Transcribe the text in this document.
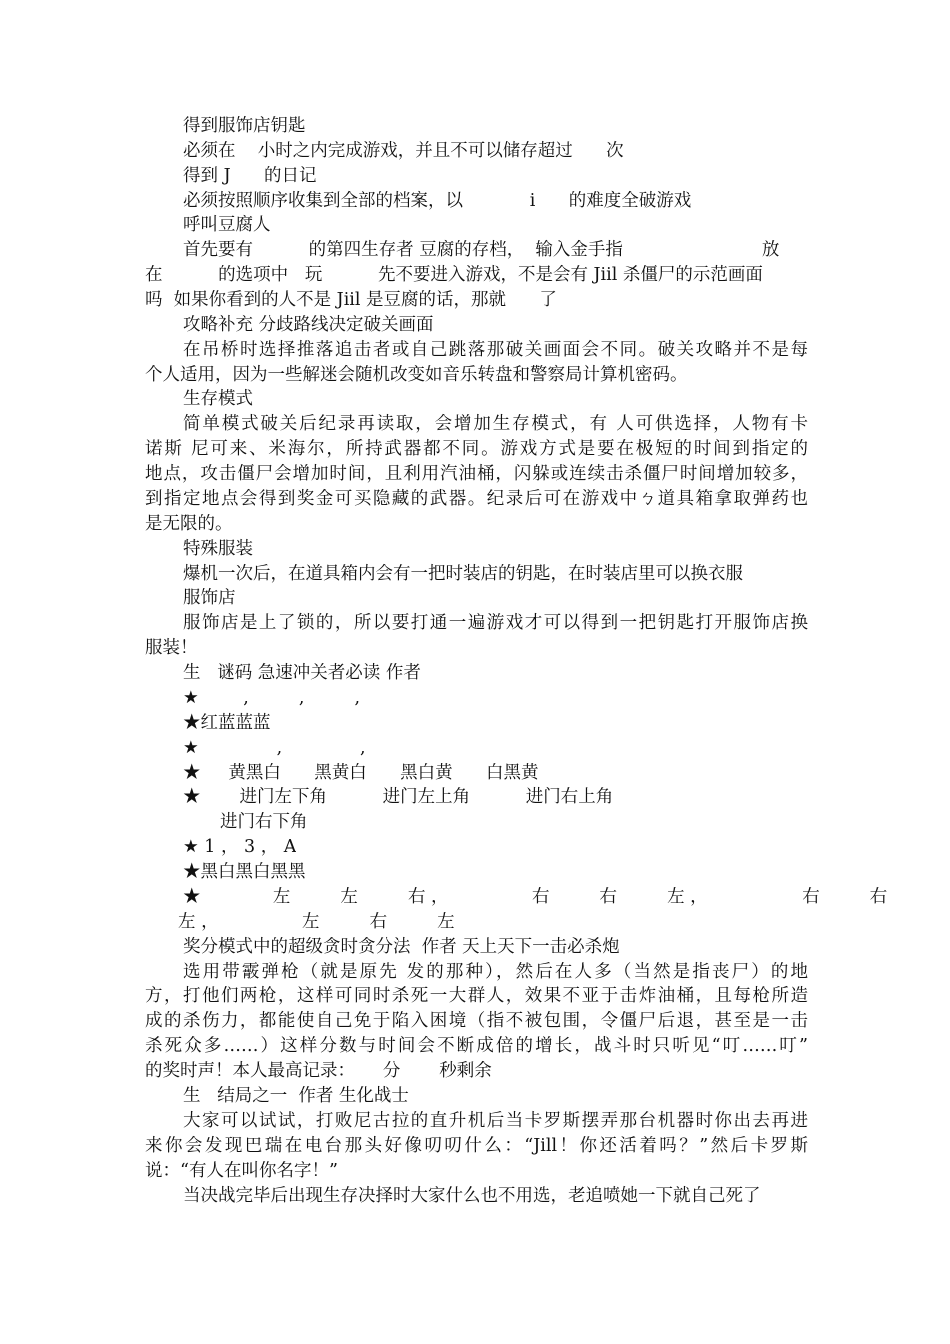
得到服饰店钥匙
必须在    小时之内完成游戏，并且不可以储存超过      次
得到 J      的日记
必须按照顺序收集到全部的档案，以            i      的难度全破游戏
呼叫豆腐人
首先要有          的第四生存者 豆腐的存档，  输入金手指                         放
在          的选项中   玩          先不要进入游戏，不是会有 Jiil 杀僵尸的示范画面
吗  如果你看到的人不是 Jiil 是豆腐的话，那就      了
攻略补充 分歧路线决定破关画面
在吊桥时选择推落追击者或自己跳落那破关画面会不同。破关攻略并不是每
个人适用，因为一些解迷会随机改变如音乐转盘和警察局计算机密码。
生存模式
简单模式破关后纪录再读取，会增加生存模式，有 人可供选择，人物有卡
诺斯 尼可来、米海尔，所持武器都不同。游戏方式是要在极短的时间到指定的
地点，攻击僵尸会增加时间，且利用汽油桶，闪躲或连续击杀僵尸时间增加较多，
到指定地点会得到奖金可买隐藏的武器。纪录后可在游戏中ㄅ道具箱拿取弹药也
是无限的。
特殊服装
爆机一次后，在道具箱内会有一把时装店的钥匙，在时装店里可以换衣服
服饰店
服饰店是上了锁的，所以要打通一遍游戏才可以得到一把钥匙打开服饰店换
服装！
生   谜码 急速冲关者必读 作者
★        ,         ,         ,
★红蓝蓝蓝
★              ,              ,
★     黄黑白      黑黄白      黑白黄      白黑黄
★       进门左下角          进门左上角          进门右上角
进门右下角
★ 1 ， 3 ， A
★黑白黑白黑黑
★             左         左         右 ，               右         右         左 ，                 右         右
左 ，               左         右         左
奖分模式中的超级贪时贪分法  作者 天上天下一击必杀炮
选用带霰弹枪（就是原先 发的那种），然后在人多（当然是指丧尸）的地
方，打他们两枪，这样可同时杀死一大群人，效果不亚于击炸油桶，且每枪所造
成的杀伤力，都能使自己免于陷入困境（指不被包围，令僵尸后退，甚至是一击
杀死众多……）这样分数与时间会不断成倍的增长，战斗时只听见“叮……叮”
的奖时声！本人最高记录：     分       秒剩余
生   结局之一  作者 生化战士
大家可以试试，打败尼古拉的直升机后当卡罗斯摆弄那台机器时你出去再进
来你会发现巴瑞在电台那头好像叨叨什么：“Jill！你还活着吗？”然后卡罗斯
说：“有人在叫你名字！”
当决战完毕后出现生存决择时大家什么也不用选，老追喷她一下就自己死了
